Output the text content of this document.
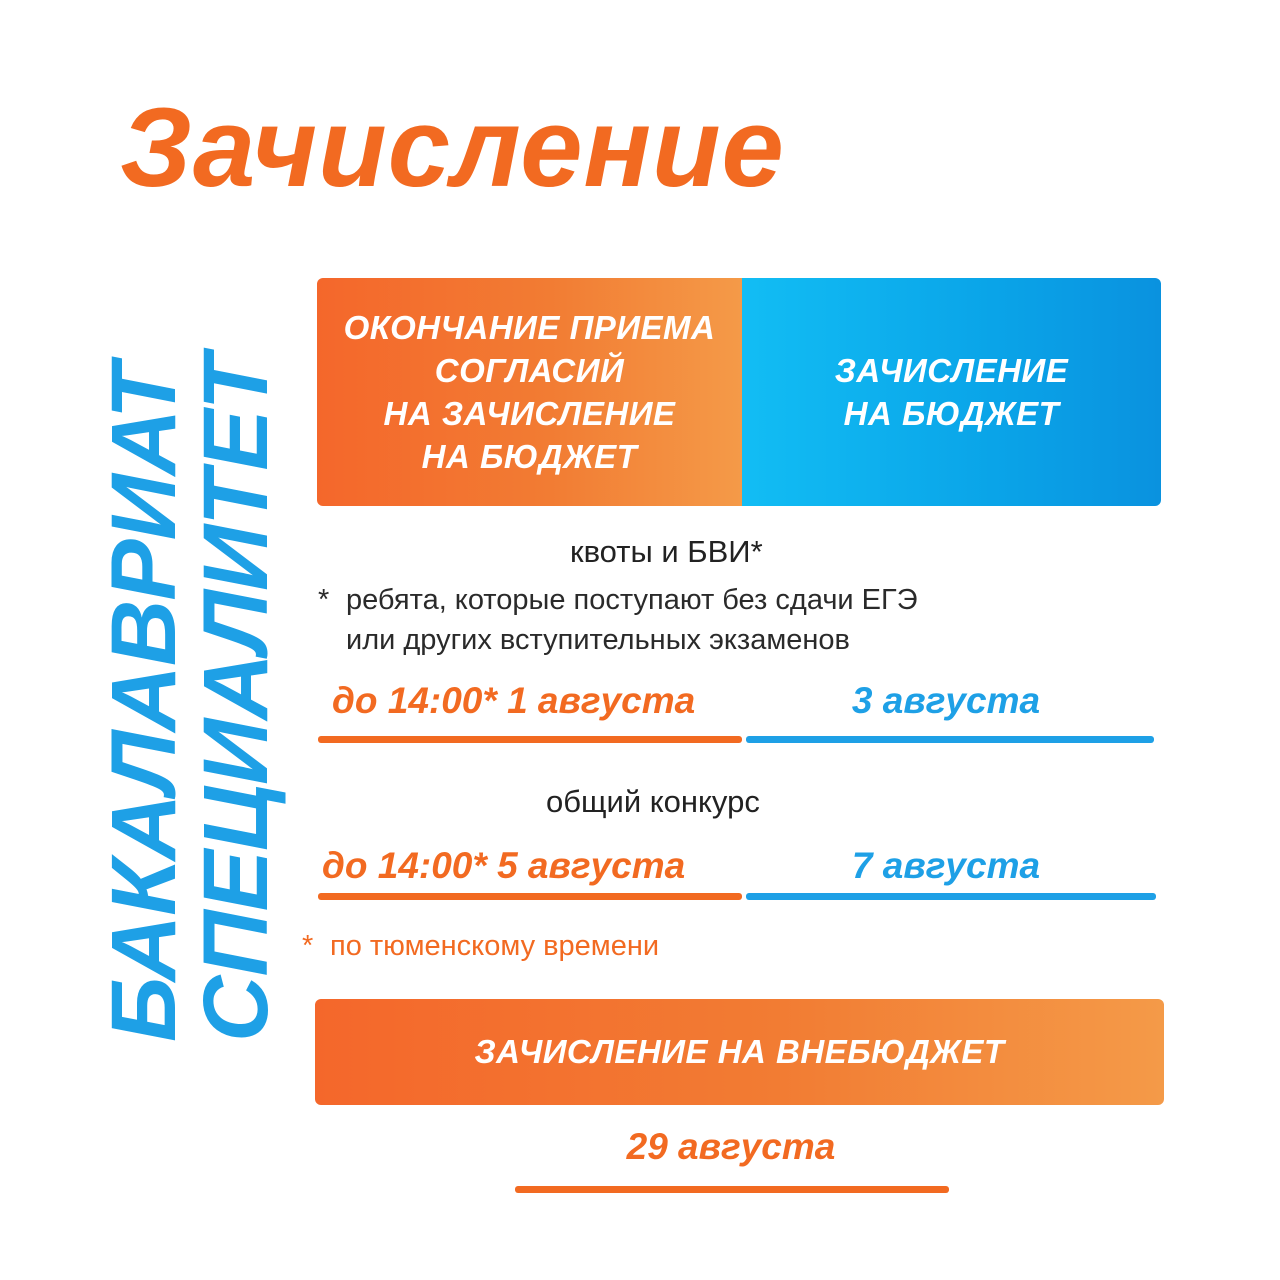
Зачисление
БАКАЛАВРИАТ
СПЕЦИАЛИТЕТ
ОКОНЧАНИЕ ПРИЕМА
СОГЛАСИЙ
НА ЗАЧИСЛЕНИЕ
НА БЮДЖЕТ
ЗАЧИСЛЕНИЕ
НА БЮДЖЕТ
квоты и БВИ*
* ребята, которые поступают без сдачи ЕГЭ
или других вступительных экзаменов
до 14:00* 1 августа	3 августа
общий конкурс
до 14:00* 5 августа	7 августа
* по тюменскому времени
ЗАЧИСЛЕНИЕ НА ВНЕБЮДЖЕТ
29 августа
